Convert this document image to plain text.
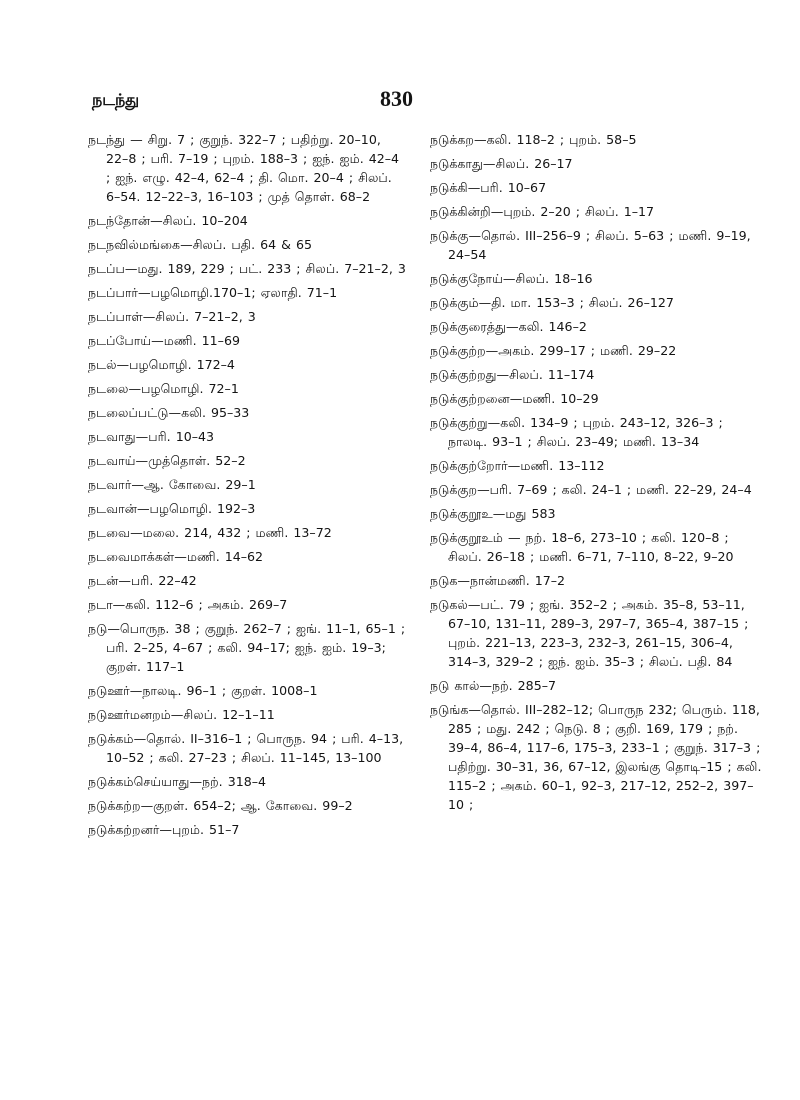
நடந்து	830

நடந்து — சிறு. 7 ; குறுந். 322–7 ; பதிற்று. 20–10, 22–8 ; பரி. 7–19 ; புறம். 188–3 ; ஐந். ஐம். 42–4 ; ஐந். எழு. 42–4, 62–4 ; தி. மொ. 20–4 ; சிலப். 6–54. 12–22–3, 16–103 ; முத் தொள். 68–2

நடந்தோன்—சிலப். 10–204

நடநவில்மங்கை—சிலப். பதி. 64 & 65

நடப்ப—மது. 189, 229 ; பட். 233 ; சிலப். 7–21–2, 3

நடப்பார்—பழமொழி.170–1; ஏலாதி. 71–1

நடப்பாள்—சிலப். 7–21–2, 3

நடப்போய்—மணி. 11–69

நடல்—பழமொழி. 172–4

நடலை—பழமொழி. 72–1

நடலைப்பட்டு—கலி. 95–33

நடவாது—பரி. 10–43

நடவாய்—முத்தொள். 52–2

நடவார்—ஆ. கோவை. 29–1

நடவான்—பழமொழி. 192–3

நடவை—மலை. 214, 432 ; மணி. 13–72

நடவைமாக்கள்—மணி. 14–62

நடன்—பரி. 22–42

நடா—கலி. 112–6 ; அகம். 269–7

நடு—பொருந. 38 ; குறுந். 262–7 ; ஐங். 11–1, 65–1 ; பரி. 2–25, 4–67 ; கலி. 94–17; ஐந். ஐம். 19–3; குறள். 117–1

நடுஊர்—நாலடி. 96–1 ; குறள். 1008–1

நடுஊர்மனறம்—சிலப். 12–1–11

நடுக்கம்—தொல். II–316–1 ; பொருந. 94 ; பரி. 4–13, 10–52 ; கலி. 27–23 ; சிலப். 11–145, 13–100

நடுக்கம்செய்யாது—நற். 318–4

நடுக்கற்ற—குறள். 654–2; ஆ. கோவை. 99–2

நடுக்கற்றனர்—புறம். 51–7

நடுக்கற—கலி. 118–2 ; புறம். 58–5

நடுக்காது—சிலப். 26–17

நடுக்கி—பரி. 10–67

நடுக்கின்றி—புறம். 2–20 ; சிலப். 1–17

நடுக்கு—தொல். III–256–9 ; சிலப். 5–63 ; மணி. 9–19, 24–54

நடுக்குநோய்—சிலப். 18–16

நடுக்கும்—தி. மா. 153–3 ; சிலப். 26–127

நடுக்குரைத்து—கலி. 146–2

நடுக்குற்ற—அகம். 299–17 ; மணி. 29–22

நடுக்குற்றது—சிலப். 11–174

நடுக்குற்றனை—மணி. 10–29

நடுக்குற்று—கலி. 134–9 ; புறம். 243–12, 326–3 ; நாலடி. 93–1 ; சிலப். 23–49; மணி. 13–34

நடுக்குற்றோர்—மணி. 13–112

நடுக்குற—பரி. 7–69 ; கலி. 24–1 ; மணி. 22–29, 24–4

நடுக்குறூஉ—மது 583

நடுக்குறூஉம் — நற். 18–6, 273–10 ; கலி. 120–8 ; சிலப். 26–18 ; மணி. 6–71, 7–110, 8–22, 9–20

நடுக—நான்மணி. 17–2

நடுகல்—பட். 79 ; ஐங். 352–2 ; அகம். 35–8, 53–11, 67–10, 131–11, 289–3, 297–7, 365–4, 387–15 ; புறம். 221–13, 223–3, 232–3, 261–15, 306–4, 314–3, 329–2 ; ஐந். ஐம். 35–3 ; சிலப். பதி. 84

நடு கால்—நற். 285–7

நடுங்க—தொல். III–282–12; பொருந 232; பெரும். 118, 285 ; மது. 242 ; நெடு. 8 ; குறி. 169, 179 ; நற். 39–4, 86–4, 117–6, 175–3, 233–1 ; குறுந். 317–3 ; பதிற்று. 30–31, 36, 67–12, இலங்கு தொடி–15 ; கலி. 115–2 ; அகம். 60–1, 92–3, 217–12, 252–2, 397–10 ;
